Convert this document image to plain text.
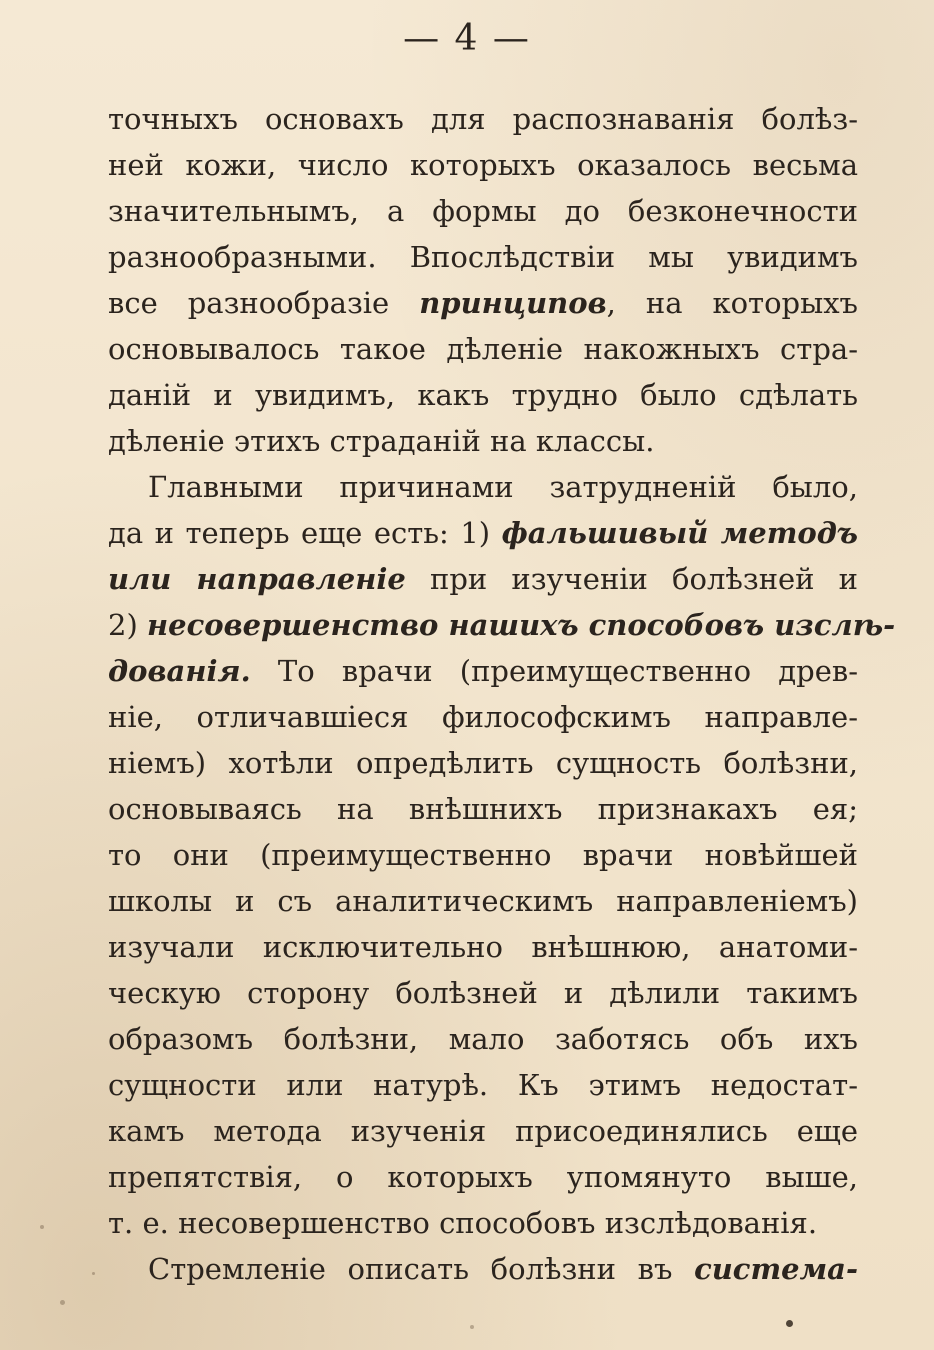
— 4 —
точныхъ основахъ для распознаванія болѣз-
ней кожи, число которыхъ оказалось весьма
значительнымъ, а формы до безконечности
разнообразными. Впослѣдствіи мы увидимъ
все разнообразіе принципов, на которыхъ
основывалось такое дѣленіе накожныхъ стра-
даній и увидимъ, какъ трудно было сдѣлать
дѣленіе этихъ страданій на классы.
Главными причинами затрудненій было,
да и теперь еще есть: 1) фальшивый методъ
или направленіе при изученіи болѣзней и
2) несовершенство нашихъ способовъ изслѣ-
дованія. То врачи (преимущественно древ-
ніе, отличавшіеся философскимъ направле-
ніемъ) хотѣли опредѣлить сущность болѣзни,
основываясь на внѣшнихъ признакахъ ея;
то они (преимущественно врачи новѣйшей
школы и съ аналитическимъ направленіемъ)
изучали исключительно внѣшнюю, анатоми-
ческую сторону болѣзней и дѣлили такимъ
образомъ болѣзни, мало заботясь объ ихъ
сущности или натурѣ. Къ этимъ недостат-
камъ метода изученія присоединялись еще
препятствія, о которыхъ упомянуто выше,
т. е. несовершенство способовъ изслѣдованія.
Стремленіе описать болѣзни въ система-
